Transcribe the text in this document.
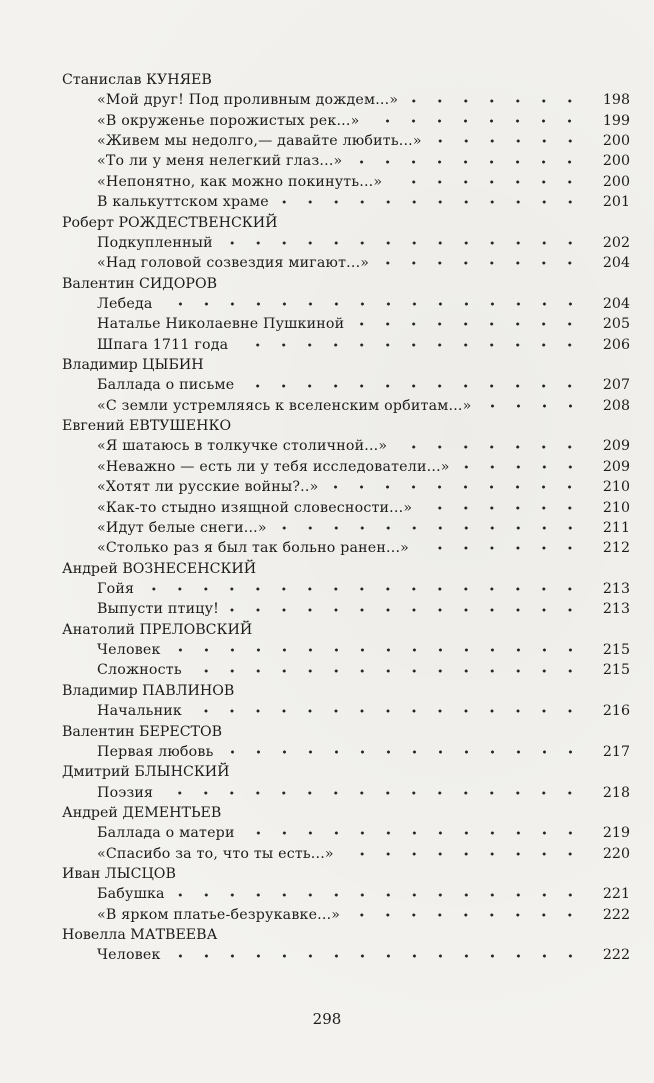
Станислав КУНЯЕВ
«Мой друг! Под проливным дождем...»	198
«В окруженье порожистых рек...»	199
«Живем мы недолго,— давайте любить...»	200
«То ли у меня нелегкий глаз...»	200
«Непонятно, как можно покинуть...»	200
В калькуттском храме	201
Роберт РОЖДЕСТВЕНСКИЙ
Подкупленный	202
«Над головой созвездия мигают...»	204
Валентин СИДОРОВ
Лебеда	204
Наталье Николаевне Пушкиной	205
Шпага 1711 года	206
Владимир ЦЫБИН
Баллада о письме	207
«С земли устремляясь к вселенским орбитам...»	208
Евгений ЕВТУШЕНКО
«Я шатаюсь в толкучке столичной...»	209
«Неважно — есть ли у тебя исследователи...»	209
«Хотят ли русские войны?..»	210
«Как-то стыдно изящной словесности...»	210
«Идут белые снеги...»	211
«Столько раз я был так больно ранен...»	212
Андрей ВОЗНЕСЕНСКИЙ
Гойя	213
Выпусти птицу!	213
Анатолий ПРЕЛОВСКИЙ
Человек	215
Сложность	215
Владимир ПАВЛИНОВ
Начальник	216
Валентин БЕРЕСТОВ
Первая любовь	217
Дмитрий БЛЫНСКИЙ
Поэзия	218
Андрей ДЕМЕНТЬЕВ
Баллада о матери	219
«Спасибо за то, что ты есть...»	220
Иван ЛЫСЦОВ
Бабушка	221
«В ярком платье-безрукавке...»	222
Новелла МАТВЕЕВА
Человек	222
298
